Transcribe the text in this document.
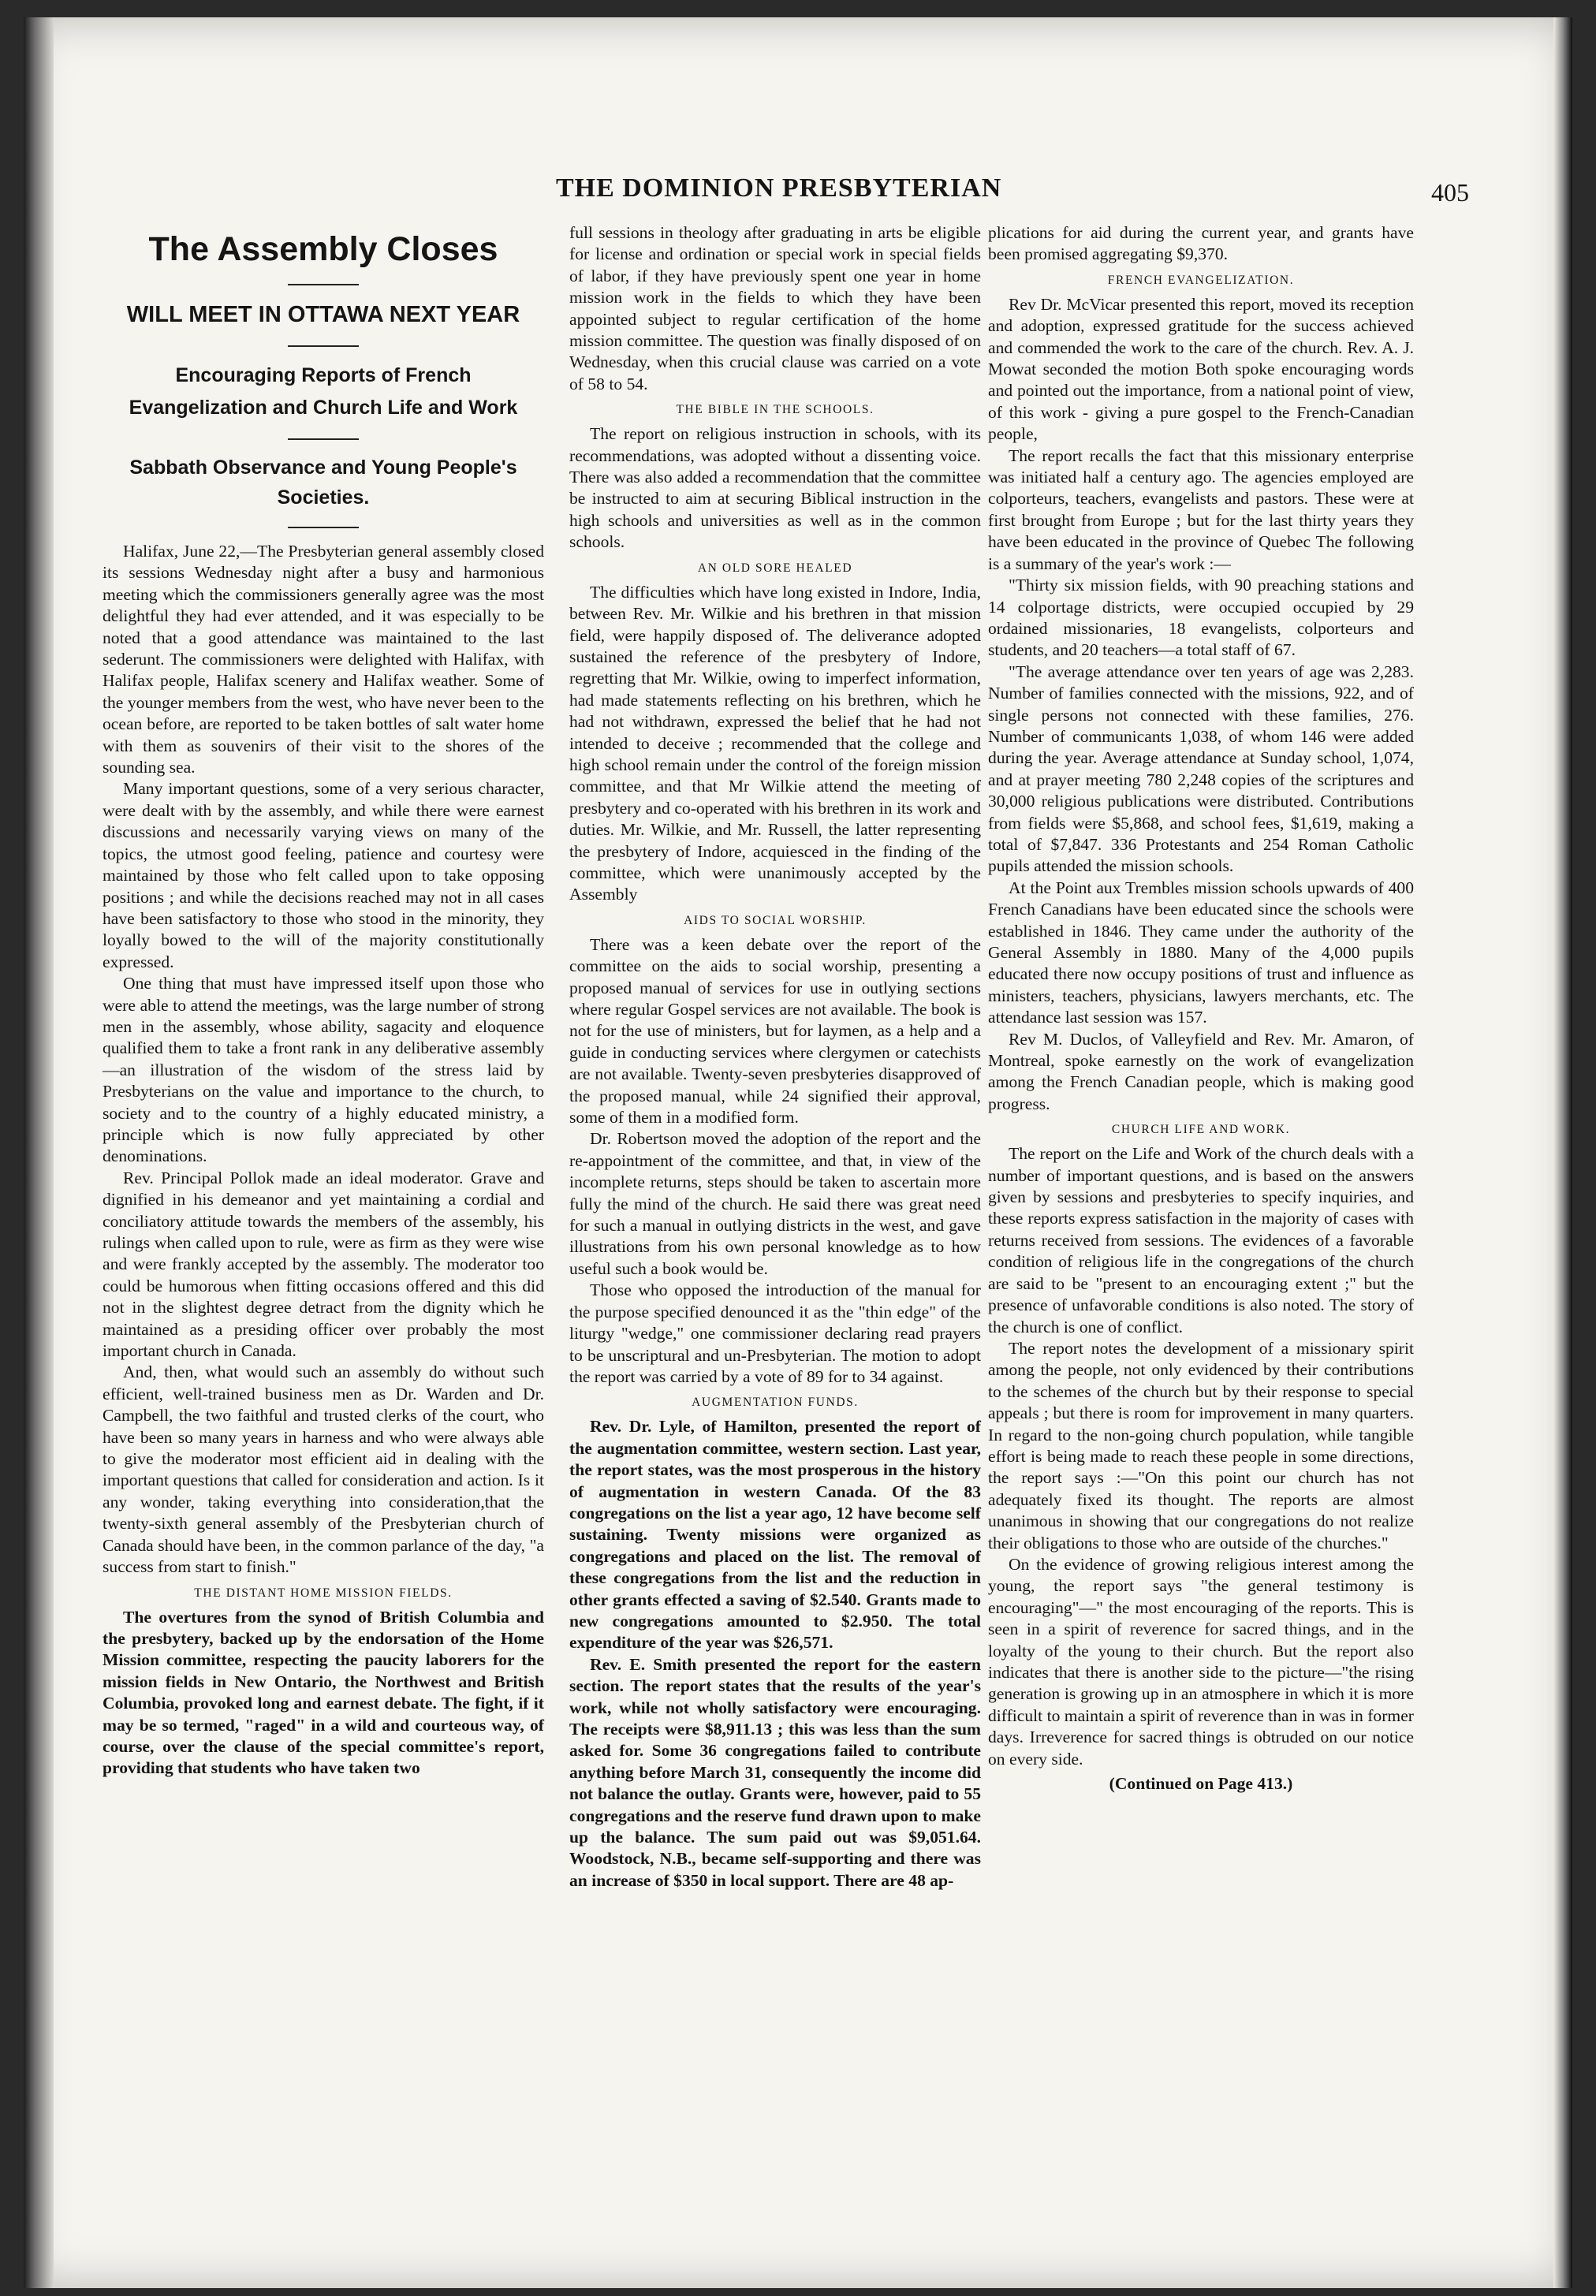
THE DOMINION PRESBYTERIAN	405
The Assembly Closes
WILL MEET IN OTTAWA NEXT YEAR
Encouraging Reports of French Evangelization and Church Life and Work
Sabbath Observance and Young People's Societies.

Halifax, June 22,—The Presbyterian general assembly closed its sessions Wednesday night after a busy and harmonious meeting which the commissioners generally agree was the most delightful they had ever attended, and it was especially to be noted that a good attendance was maintained to the last sederunt. The commissioners were delighted with Halifax, with Halifax people, Halifax scenery and Halifax weather. Some of the younger members from the west, who have never been to the ocean before, are reported to be taken bottles of salt water home with them as souvenirs of their visit to the shores of the sounding sea.

Many important questions, some of a very serious character, were dealt with by the assembly, and while there were earnest discussions and necessarily varying views on many of the topics, the utmost good feeling, patience and courtesy were maintained by those who felt called upon to take opposing positions ; and while the decisions reached may not in all cases have been satisfactory to those who stood in the minority, they loyally bowed to the will of the majority constitutionally expressed.

One thing that must have impressed itself upon those who were able to attend the meetings, was the large number of strong men in the assembly, whose ability, sagacity and eloquence qualified them to take a front rank in any deliberative assembly—an illustration of the wisdom of the stress laid by Presbyterians on the value and importance to the church, to society and to the country of a highly educated ministry, a principle which is now fully appreciated by other denominations.

Rev. Principal Pollok made an ideal moderator. Grave and dignified in his demeanor and yet maintaining a cordial and conciliatory attitude towards the members of the assembly, his rulings when called upon to rule, were as firm as they were wise and were frankly accepted by the assembly. The moderator too could be humorous when fitting occasions offered and this did not in the slightest degree detract from the dignity which he maintained as a presiding officer over probably the most important church in Canada.

And, then, what would such an assembly do without such efficient, well-trained business men as Dr. Warden and Dr. Campbell, the two faithful and trusted clerks of the court, who have been so many years in harness and who were always able to give the moderator most efficient aid in dealing with the important questions that called for consideration and action. Is it any wonder, taking everything into consideration,that the twenty-sixth general assembly of the Presbyterian church of Canada should have been, in the common parlance of the day, "a success from start to finish."

THE DISTANT HOME MISSION FIELDS.

The overtures from the synod of British Columbia and the presbytery, backed up by the endorsation of the Home Mission committee, respecting the paucity laborers for the mission fields in New Ontario, the Northwest and British Columbia, provoked long and earnest debate. The fight, if it may be so termed, "raged" in a wild and courteous way, of course, over the clause of the special committee's report, providing that students who have taken two

full sessions in theology after graduating in arts be eligible for license and ordination or special work in special fields of labor, if they have previously spent one year in home mission work in the fields to which they have been appointed subject to regular certification of the home mission committee. The question was finally disposed of on Wednesday, when this crucial clause was carried on a vote of 58 to 54.

THE BIBLE IN THE SCHOOLS.

The report on religious instruction in schools, with its recommendations, was adopted without a dissenting voice. There was also added a recommendation that the committee be instructed to aim at securing Biblical instruction in the high schools and universities as well as in the common schools.

AN OLD SORE HEALED

The difficulties which have long existed in Indore, India, between Rev. Mr. Wilkie and his brethren in that mission field, were happily disposed of. The deliverance adopted sustained the reference of the presbytery of Indore, regretting that Mr. Wilkie, owing to imperfect information, had made statements reflecting on his brethren, which he had not withdrawn, expressed the belief that he had not intended to deceive ; recommended that the college and high school remain under the control of the foreign mission committee, and that Mr Wilkie attend the meeting of presbytery and co-operated with his brethren in its work and duties. Mr. Wilkie, and Mr. Russell, the latter representing the presbytery of Indore, acquiesced in the finding of the committee, which were unanimously accepted by the Assembly

AIDS TO SOCIAL WORSHIP.

There was a keen debate over the report of the committee on the aids to social worship, presenting a proposed manual of services for use in outlying sections where regular Gospel services are not available. The book is not for the use of ministers, but for laymen, as a help and a guide in conducting services where clergymen or catechists are not available. Twenty-seven presbyteries disapproved of the proposed manual, while 24 signified their approval, some of them in a modified form.

Dr. Robertson moved the adoption of the report and the re-appointment of the committee, and that, in view of the incomplete returns, steps should be taken to ascertain more fully the mind of the church. He said there was great need for such a manual in outlying districts in the west, and gave illustrations from his own personal knowledge as to how useful such a book would be.

Those who opposed the introduction of the manual for the purpose specified denounced it as the "thin edge" of the liturgy "wedge," one commissioner declaring read prayers to be unscriptural and un-Presbyterian. The motion to adopt the report was carried by a vote of 89 for to 34 against.

AUGMENTATION FUNDS.

Rev. Dr. Lyle, of Hamilton, presented the report of the augmentation committee, western section. Last year, the report states, was the most prosperous in the history of augmentation in western Canada. Of the 83 congregations on the list a year ago, 12 have become self sustaining. Twenty missions were organized as congregations and placed on the list. The removal of these congregations from the list and the reduction in other grants effected a saving of $2.540. Grants made to new congregations amounted to $2.950. The total expenditure of the year was $26,571.

Rev. E. Smith presented the report for the eastern section. The report states that the results of the year's work, while not wholly satisfactory were encouraging. The receipts were $8,911.13 ; this was less than the sum asked for. Some 36 congregations failed to contribute anything before March 31, consequently the income did not balance the outlay. Grants were, however, paid to 55 congregations and the reserve fund drawn upon to make up the balance. The sum paid out was $9,051.64. Woodstock, N.B., became self-supporting and there was an increase of $350 in local support. There are 48 ap-

plications for aid during the current year, and grants have been promised aggregating $9,370.

FRENCH EVANGELIZATION.

Rev Dr. McVicar presented this report, moved its reception and adoption, expressed gratitude for the success achieved and commended the work to the care of the church. Rev. A. J. Mowat seconded the motion Both spoke encouraging words and pointed out the importance, from a national point of view, of this work - giving a pure gospel to the French-Canadian people,

The report recalls the fact that this missionary enterprise was initiated half a century ago. The agencies employed are colporteurs, teachers, evangelists and pastors. These were at first brought from Europe ; but for the last thirty years they have been educated in the province of Quebec The following is a summary of the year's work :—

"Thirty six mission fields, with 90 preaching stations and 14 colportage districts, were occupied occupied by 29 ordained missionaries, 18 evangelists, colporteurs and students, and 20 teachers—a total staff of 67.

"The average attendance over ten years of age was 2,283. Number of families connected with the missions, 922, and of single persons not connected with these families, 276. Number of communicants 1,038, of whom 146 were added during the year. Average attendance at Sunday school, 1,074, and at prayer meeting 780 2,248 copies of the scriptures and 30,000 religious publications were distributed. Contributions from fields were $5,868, and school fees, $1,619, making a total of $7,847. 336 Protestants and 254 Roman Catholic pupils attended the mission schools.

At the Point aux Trembles mission schools upwards of 400 French Canadians have been educated since the schools were established in 1846. They came under the authority of the General Assembly in 1880. Many of the 4,000 pupils educated there now occupy positions of trust and influence as ministers, teachers, physicians, lawyers merchants, etc. The attendance last session was 157.

Rev M. Duclos, of Valleyfield and Rev. Mr. Amaron, of Montreal, spoke earnestly on the work of evangelization among the French Canadian people, which is making good progress.

CHURCH LIFE AND WORK.

The report on the Life and Work of the church deals with a number of important questions, and is based on the answers given by sessions and presbyteries to specify inquiries, and these reports express satisfaction in the majority of cases with returns received from sessions. The evidences of a favorable condition of religious life in the congregations of the church are said to be "present to an encouraging extent ;" but the presence of unfavorable conditions is also noted. The story of the church is one of conflict.

The report notes the development of a missionary spirit among the people, not only evidenced by their contributions to the schemes of the church but by their response to special appeals ; but there is room for improvement in many quarters. In regard to the non-going church population, while tangible effort is being made to reach these people in some directions, the report says :—"On this point our church has not adequately fixed its thought. The reports are almost unanimous in showing that our congregations do not realize their obligations to those who are outside of the churches."

On the evidence of growing religious interest among the young, the report says "the general testimony is encouraging"—" the most encouraging of the reports. This is seen in a spirit of reverence for sacred things, and in the loyalty of the young to their church. But the report also indicates that there is another side to the picture—"the rising generation is growing up in an atmosphere in which it is more difficult to maintain a spirit of reverence than in was in former days. Irreverence for sacred things is obtruded on our notice on every side.

(Continued on Page 413.)
